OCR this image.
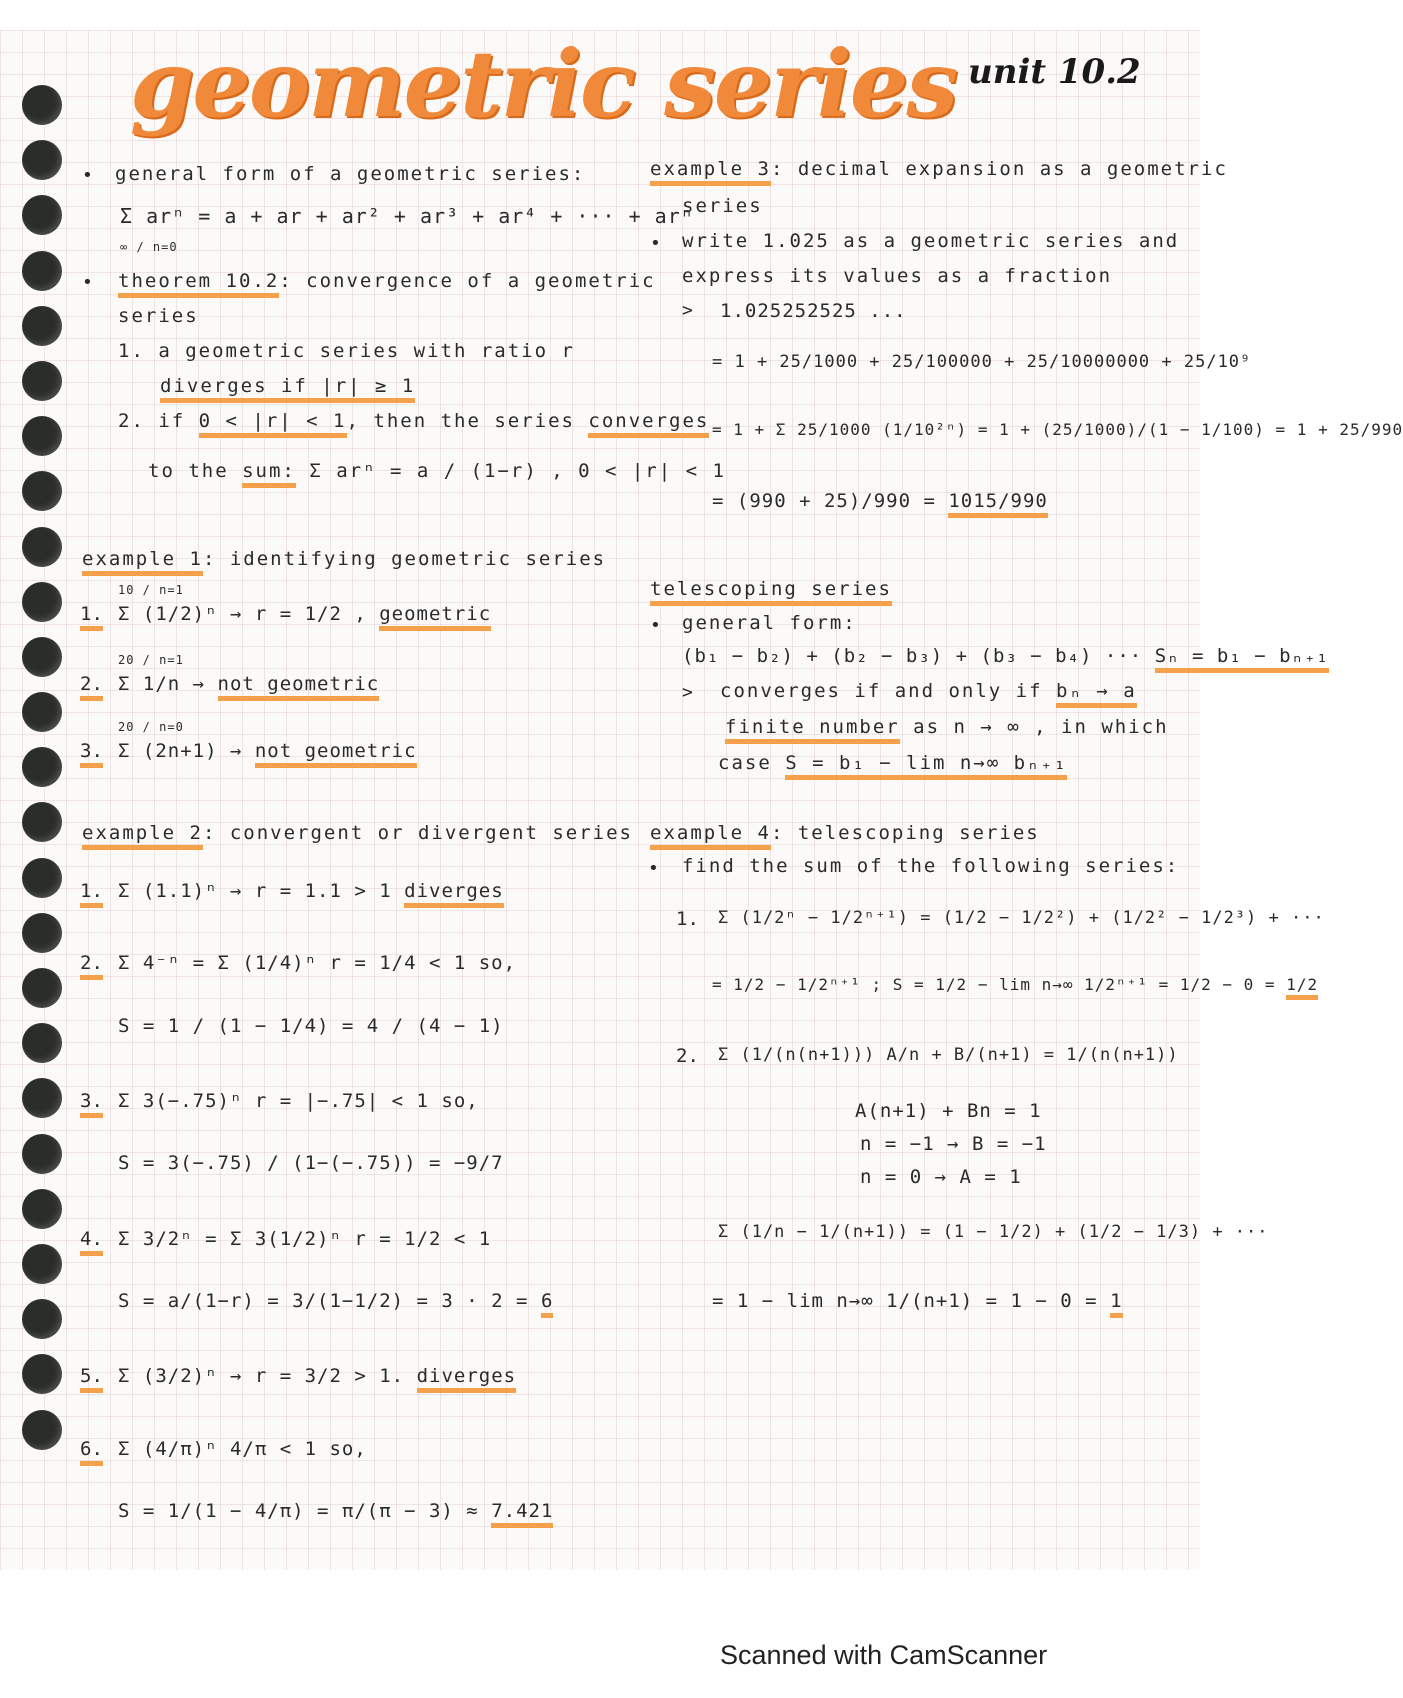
geometric series unit 10.2
• general form of a geometric series:
Σ arⁿ = a + ar + ar² + ar³ + ar⁴ + ··· + arⁿ
∞ / n=0
• theorem 10.2: convergence of a geometric
series
1. a geometric series with ratio r
diverges if |r| ≥ 1
2. if 0 < |r| < 1, then the series converges
to the sum: Σ arⁿ = a / (1−r) , 0 < |r| < 1
example 1: identifying geometric series
1.
10 / n=1
Σ (1/2)ⁿ → r = 1/2 , geometric
2.
20 / n=1
Σ 1/n → not geometric
3.
20 / n=0
Σ (2n+1) → not geometric
example 2: convergent or divergent series
1. Σ (1.1)ⁿ → r = 1.1 > 1 diverges
2. Σ 4⁻ⁿ = Σ (1/4)ⁿ r = 1/4 < 1 so,
S = 1 / (1 − 1/4) = 4 / (4 − 1)
3. Σ 3(−.75)ⁿ r = |−.75| < 1 so,
S = 3(−.75) / (1−(−.75)) = −9/7
4. Σ 3/2ⁿ = Σ 3(1/2)ⁿ r = 1/2 < 1
S = a/(1−r) = 3/(1−1/2) = 3 · 2 = 6
5. Σ (3/2)ⁿ → r = 3/2 > 1. diverges
6. Σ (4/π)ⁿ 4/π < 1 so,
S = 1/(1 − 4/π) = π/(π − 3) ≈ 7.421
example 3: decimal expansion as a geometric
series
• write 1.025 as a geometric series and
express its values as a fraction
> 1.025252525 ...
= 1 + 25/1000 + 25/100000 + 25/10000000 + 25/10⁹
= 1 + Σ 25/1000 (1/10²ⁿ) = 1 + (25/1000)/(1 − 1/100) = 1 + 25/990
= (990 + 25)/990 = 1015/990
telescoping series
• general form:
(b₁ − b₂) + (b₂ − b₃) + (b₃ − b₄) ··· Sₙ = b₁ − bₙ₊₁
> converges if and only if bₙ → a
finite number as n → ∞ , in which
case S = b₁ − lim n→∞ bₙ₊₁
example 4: telescoping series
• find the sum of the following series:
1. Σ (1/2ⁿ − 1/2ⁿ⁺¹) = (1/2 − 1/2²) + (1/2² − 1/2³) + ···
= 1/2 − 1/2ⁿ⁺¹ ; S = 1/2 − lim n→∞ 1/2ⁿ⁺¹ = 1/2 − 0 = 1/2
2. Σ (1/(n(n+1))) A/n + B/(n+1) = 1/(n(n+1))
A(n+1) + Bn = 1
n = −1 → B = −1
n = 0 → A = 1
Σ (1/n − 1/(n+1)) = (1 − 1/2) + (1/2 − 1/3) + ···
= 1 − lim n→∞ 1/(n+1) = 1 − 0 = 1
Scanned with CamScanner
